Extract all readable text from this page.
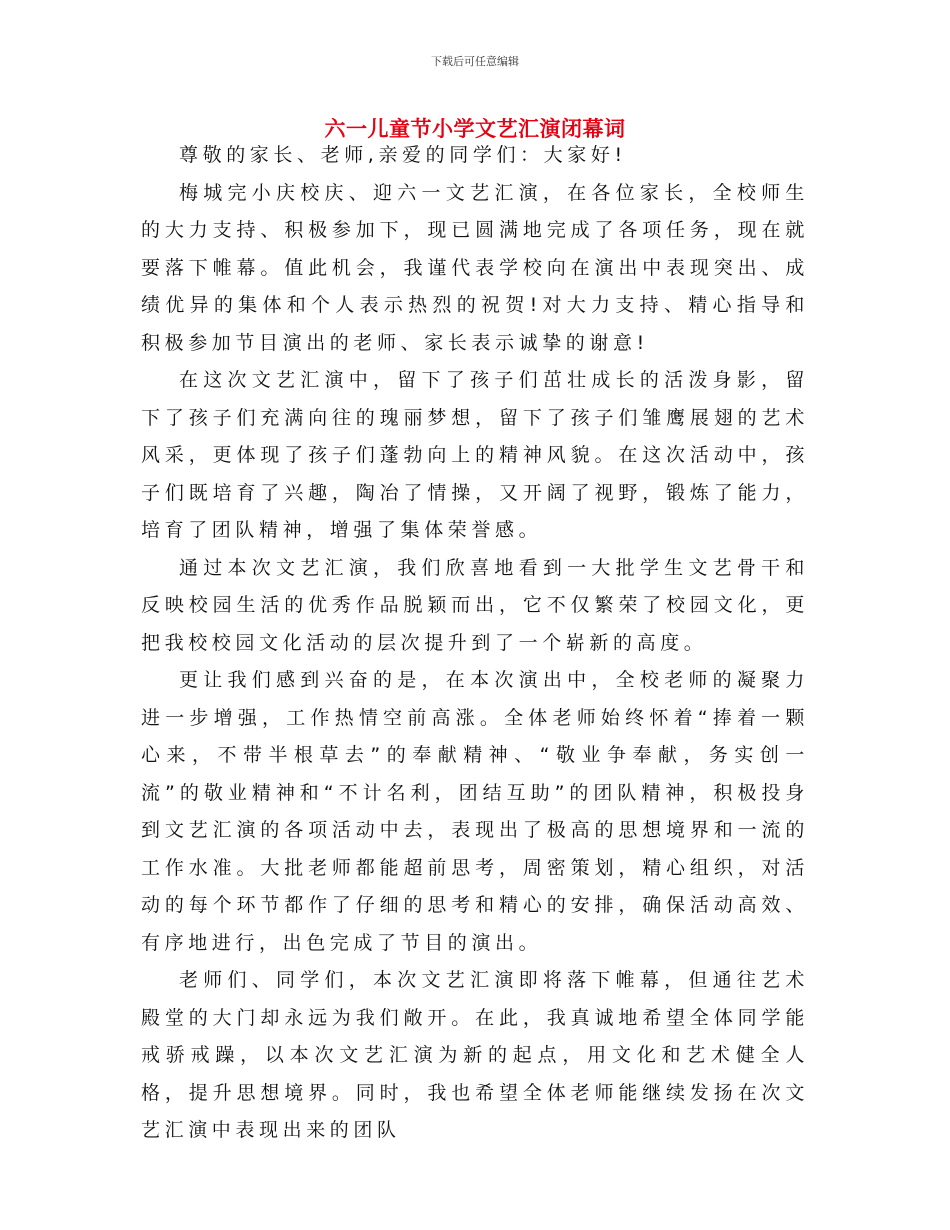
下载后可任意编辑
六一儿童节小学文艺汇演闭幕词

尊敬的家长、老师,亲爱的同学们：大家好!

梅城完小庆校庆、迎六一文艺汇演，在各位家长，全校师生的大力支持、积极参加下，现已圆满地完成了各项任务，现在就要落下帷幕。值此机会，我谨代表学校向在演出中表现突出、成绩优异的集体和个人表示热烈的祝贺!对大力支持、精心指导和积极参加节目演出的老师、家长表示诚挚的谢意!

在这次文艺汇演中，留下了孩子们茁壮成长的活泼身影，留下了孩子们充满向往的瑰丽梦想，留下了孩子们雏鹰展翅的艺术风采，更体现了孩子们蓬勃向上的精神风貌。在这次活动中，孩子们既培育了兴趣，陶冶了情操，又开阔了视野，锻炼了能力，培育了团队精神，增强了集体荣誉感。

通过本次文艺汇演，我们欣喜地看到一大批学生文艺骨干和反映校园生活的优秀作品脱颖而出，它不仅繁荣了校园文化，更把我校校园文化活动的层次提升到了一个崭新的高度。

更让我们感到兴奋的是，在本次演出中，全校老师的凝聚力进一步增强，工作热情空前高涨。全体老师始终怀着“捧着一颗心来，不带半根草去”的奉献精神、“敬业争奉献，务实创一流”的敬业精神和“不计名利，团结互助”的团队精神，积极投身到文艺汇演的各项活动中去，表现出了极高的思想境界和一流的工作水准。大批老师都能超前思考，周密策划，精心组织，对活动的每个环节都作了仔细的思考和精心的安排，确保活动高效、有序地进行，出色完成了节目的演出。

老师们、同学们，本次文艺汇演即将落下帷幕，但通往艺术殿堂的大门却永远为我们敞开。在此，我真诚地希望全体同学能戒骄戒躁，以本次文艺汇演为新的起点，用文化和艺术健全人格，提升思想境界。同时，我也希望全体老师能继续发扬在次文艺汇演中表现出来的团队
